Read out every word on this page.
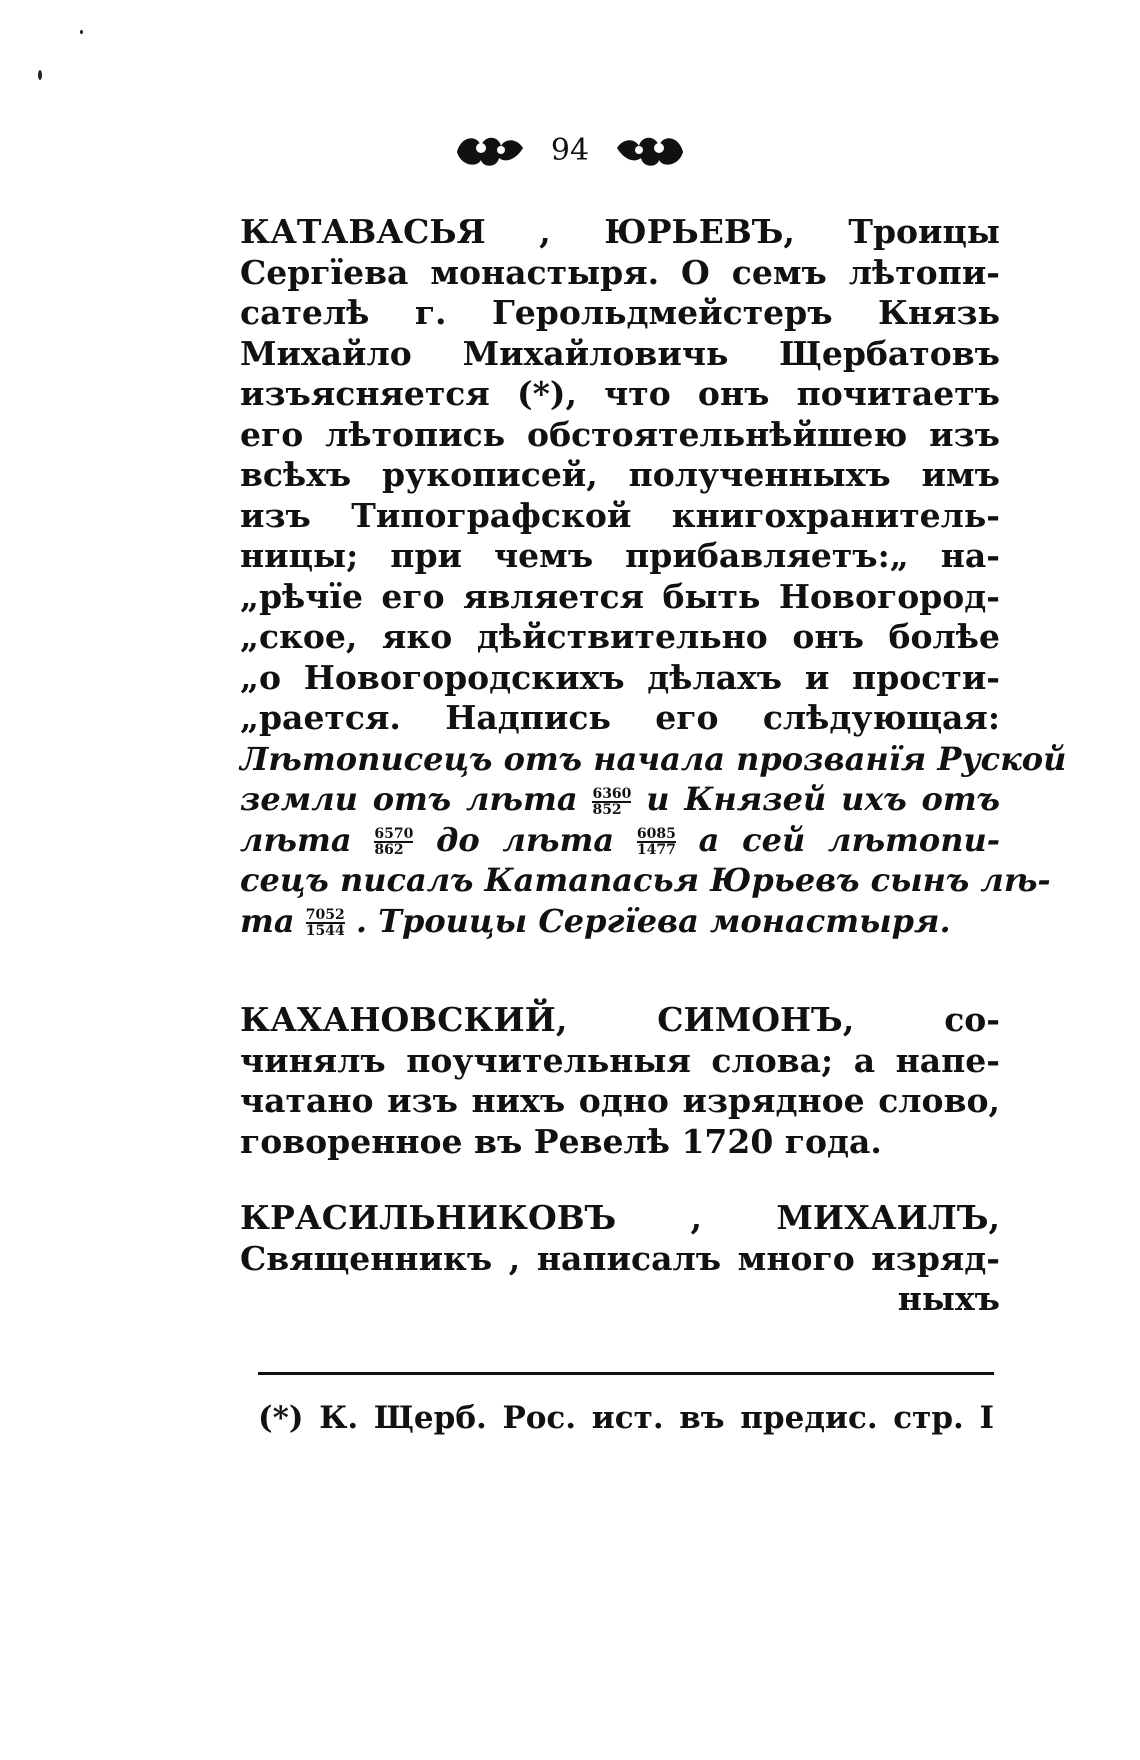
94
КАТАВАСЬЯ , ЮРЬЕВЪ, Троицы
Сергїева монастыря. О семъ лѣтопи-
сателѣ г. Герольдмейстеръ Князь
Михайло Михайловичь Щербатовъ
изъясняется (*), что онъ почитаетъ
его лѣтопись обстоятельнѣйшею изъ
всѣхъ рукописей, полученныхъ имъ
изъ Типографской книгохранитель-
ницы; при чемъ прибавляетъ:„ на-
„рѣчїе его является быть Новогород-
„ское, яко дѣйствительно онъ болѣе
„о Новогородскихъ дѣлахъ и прости-
„рается. Надпись его слѣдующая:
Лѣтописецъ отъ начала прозванїя Руской
земли отъ лѣта $\frac{6360}{852}$ и Князей ихъ отъ
лѣта $\frac{6570}{862}$ до лѣта $\frac{6085}{1477}$ а сей лѣтопи-
сецъ писалъ Катапасья Юрьевъ сынъ лѣ-
та $\frac{7052}{1544}$ . Троицы Сергїева монастыря.
КАХАНОВСКИЙ, СИМОНЪ, со-
чинялъ поучительныя слова; а напе-
чатано изъ нихъ одно изрядное слово,
говоренное въ Ревелѣ 1720 года.
КРАСИЛЬНИКОВЪ , МИХАИЛЪ,
Священникъ , написалъ много изряд-
ныхъ
(*) К. Щерб. Рос. ист. въ предис. стр. I
